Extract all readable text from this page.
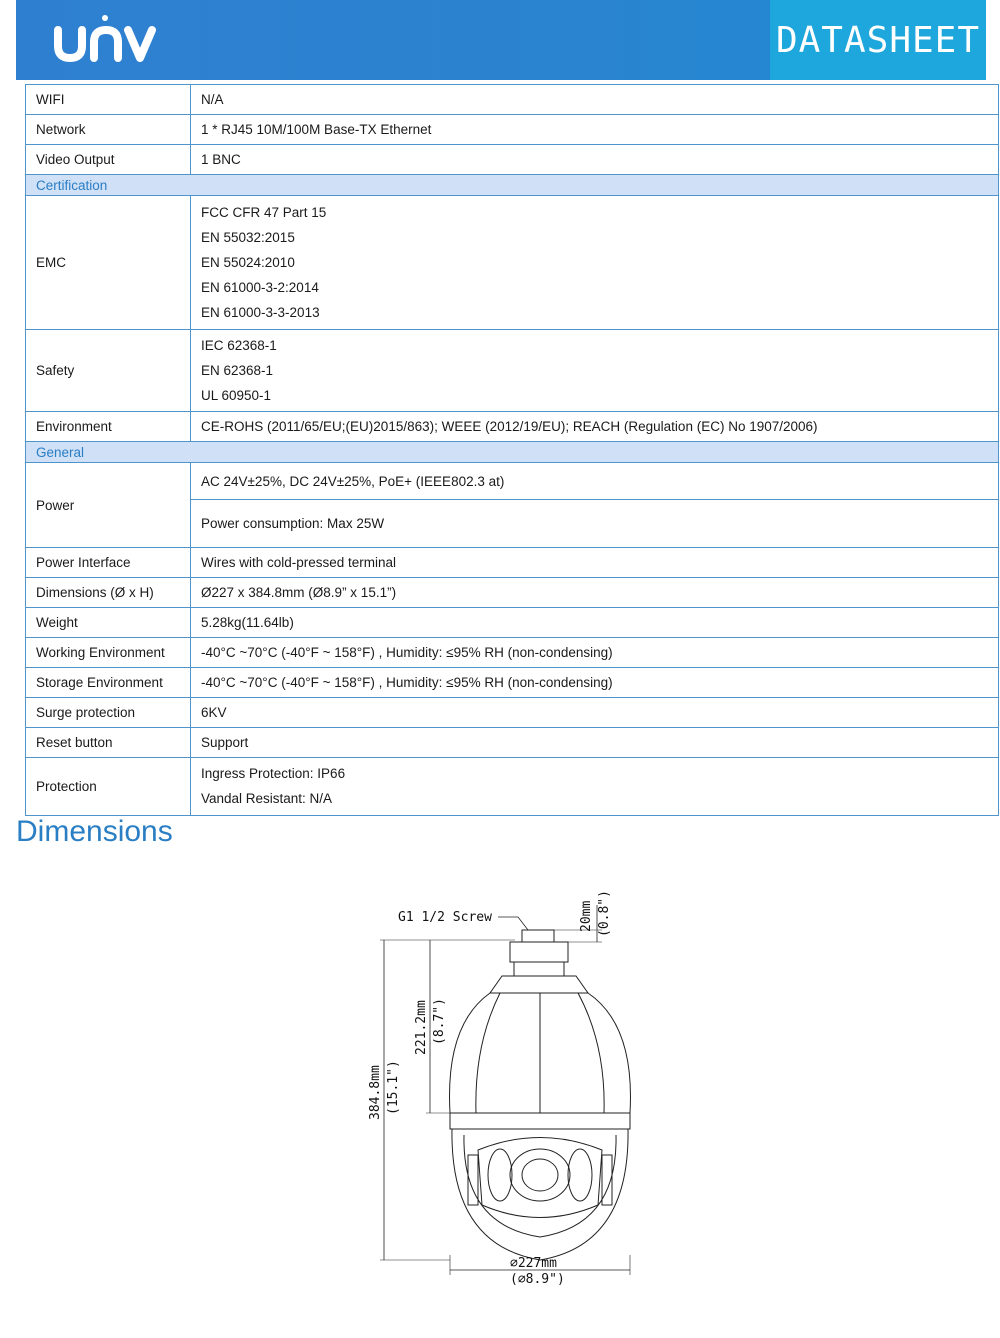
DATASHEET
WIFI	N/A
Network	1 * RJ45 10M/100M Base-TX Ethernet
Video Output	1 BNC
Certification	
EMC	FCC CFR 47 Part 15
EN 55032:2015
EN 55024:2010
EN 61000-3-2:2014
EN 61000-3-3-2013

Safety	IEC 62368-1
EN 62368-1
UL 60950-1

Environment	CE-ROHS (2011/65/EU;(EU)2015/863); WEEE (2012/19/EU); REACH (Regulation (EC) No 1907/2006)
General	
Power	AC 24V±25%, DC 24V±25%, PoE+ (IEEE802.3 at)
Power consumption: Max 25W

Power Interface	Wires with cold-pressed terminal
Dimensions (Ø x H)	Ø227 x 384.8mm (Ø8.9” x 15.1”)
Weight	5.28kg(11.64lb)
Working Environment	-40°C ~70°C (-40°F ~ 158°F) , Humidity: ≤95% RH (non-condensing)
Storage Environment	-40°C ~70°C (-40°F ~ 158°F) , Humidity: ≤95% RH (non-condensing)
Surge protection	6KV
Reset button	Support
Protection	Ingress Protection: IP66
Vandal Resistant: N/A
Dimensions
G1 1/2 Screw	20mm (0.8")
221.2mm (8.7")
384.8mm (15.1")
∅227mm
(∅8.9")
